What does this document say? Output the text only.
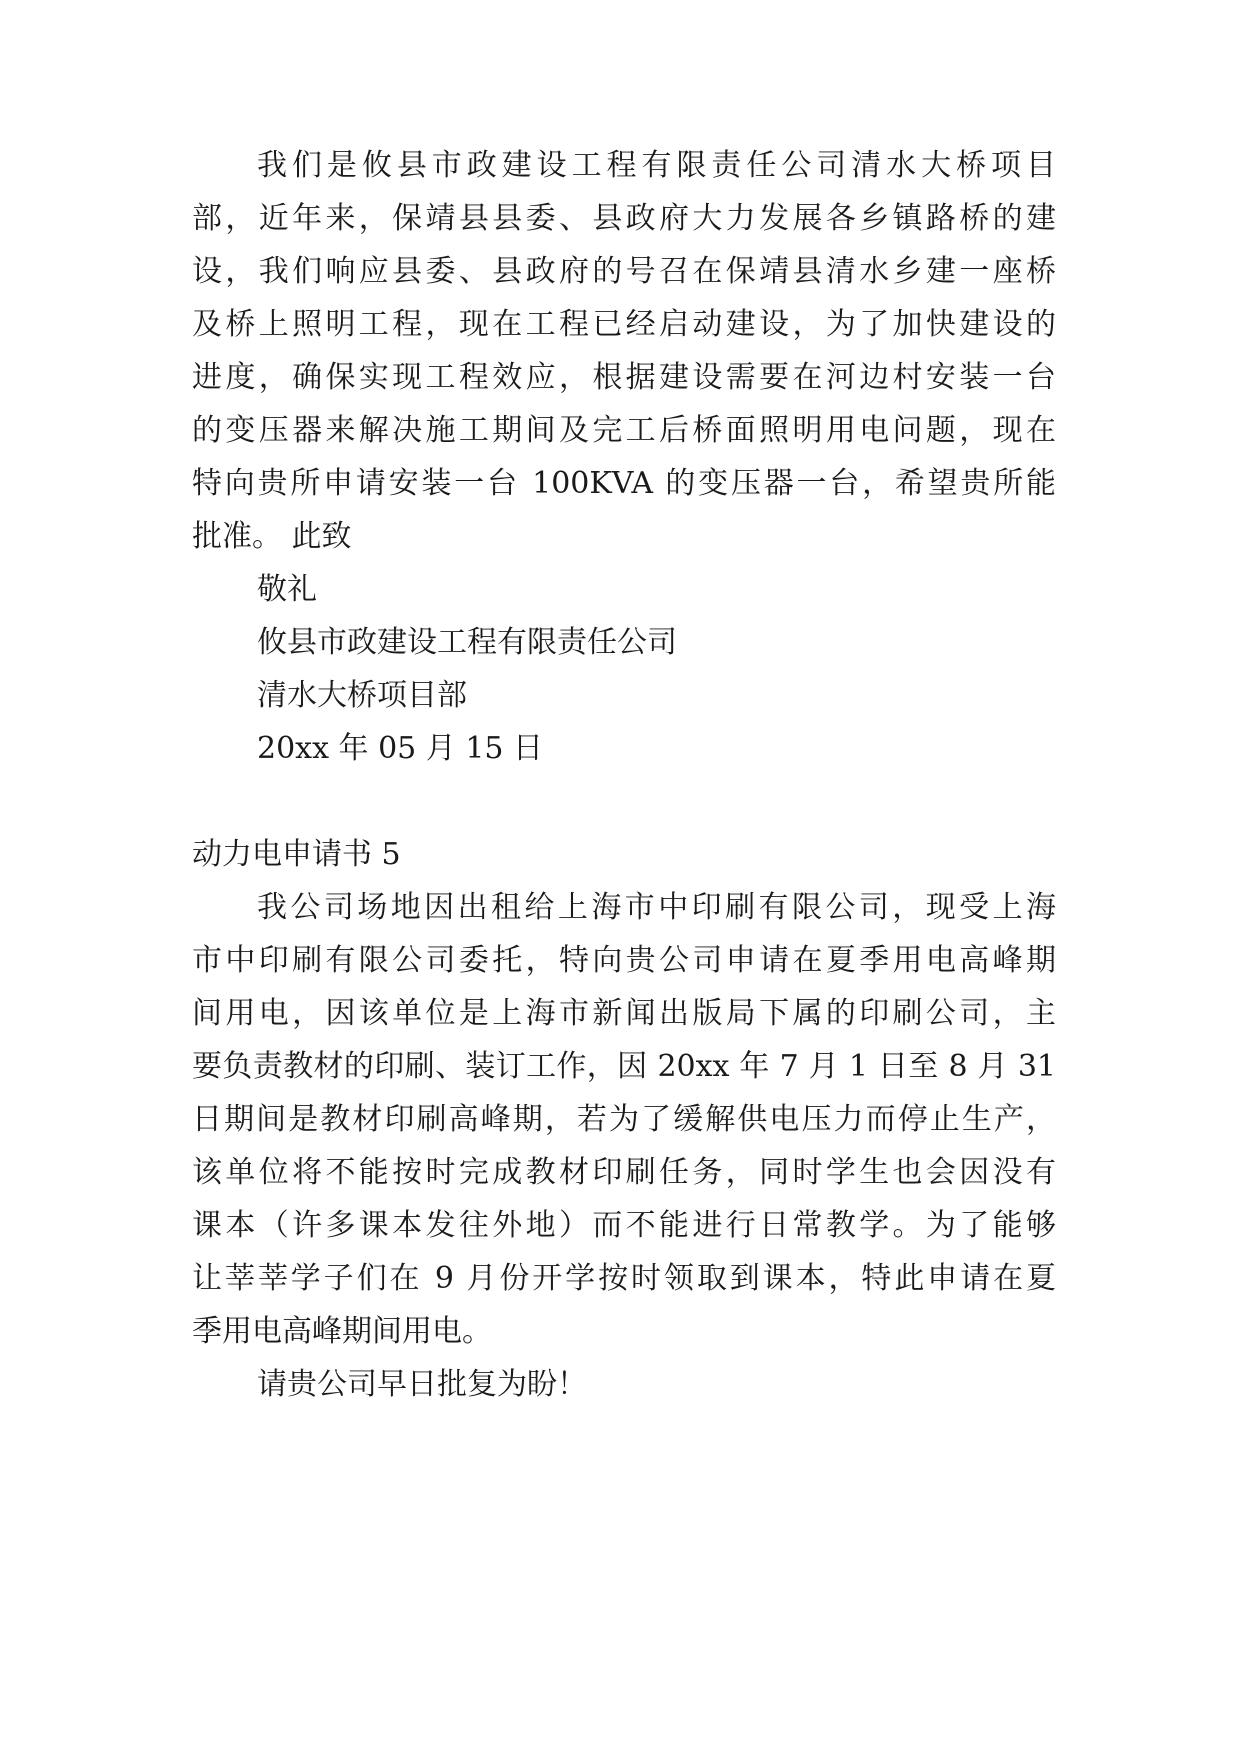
我们是攸县市政建设工程有限责任公司清水大桥项目
部，近年来，保靖县县委、县政府大力发展各乡镇路桥的建
设，我们响应县委、县政府的号召在保靖县清水乡建一座桥
及桥上照明工程，现在工程已经启动建设，为了加快建设的
进度，确保实现工程效应，根据建设需要在河边村安装一台
的变压器来解决施工期间及完工后桥面照明用电问题，现在
特向贵所申请安装一台 100KVA 的变压器一台，希望贵所能
批准。 此致
敬礼
攸县市政建设工程有限责任公司
清水大桥项目部
20xx 年 05 月 15 日
动力电申请书 5
我公司场地因出租给上海市中印刷有限公司，现受上海
市中印刷有限公司委托，特向贵公司申请在夏季用电高峰期
间用电，因该单位是上海市新闻出版局下属的印刷公司，主
要负责教材的印刷、装订工作，因 20xx 年 7 月 1 日至 8 月 31
日期间是教材印刷高峰期，若为了缓解供电压力而停止生产，
该单位将不能按时完成教材印刷任务，同时学生也会因没有
课本（许多课本发往外地）而不能进行日常教学。为了能够
让莘莘学子们在 9 月份开学按时领取到课本，特此申请在夏
季用电高峰期间用电。
请贵公司早日批复为盼！
